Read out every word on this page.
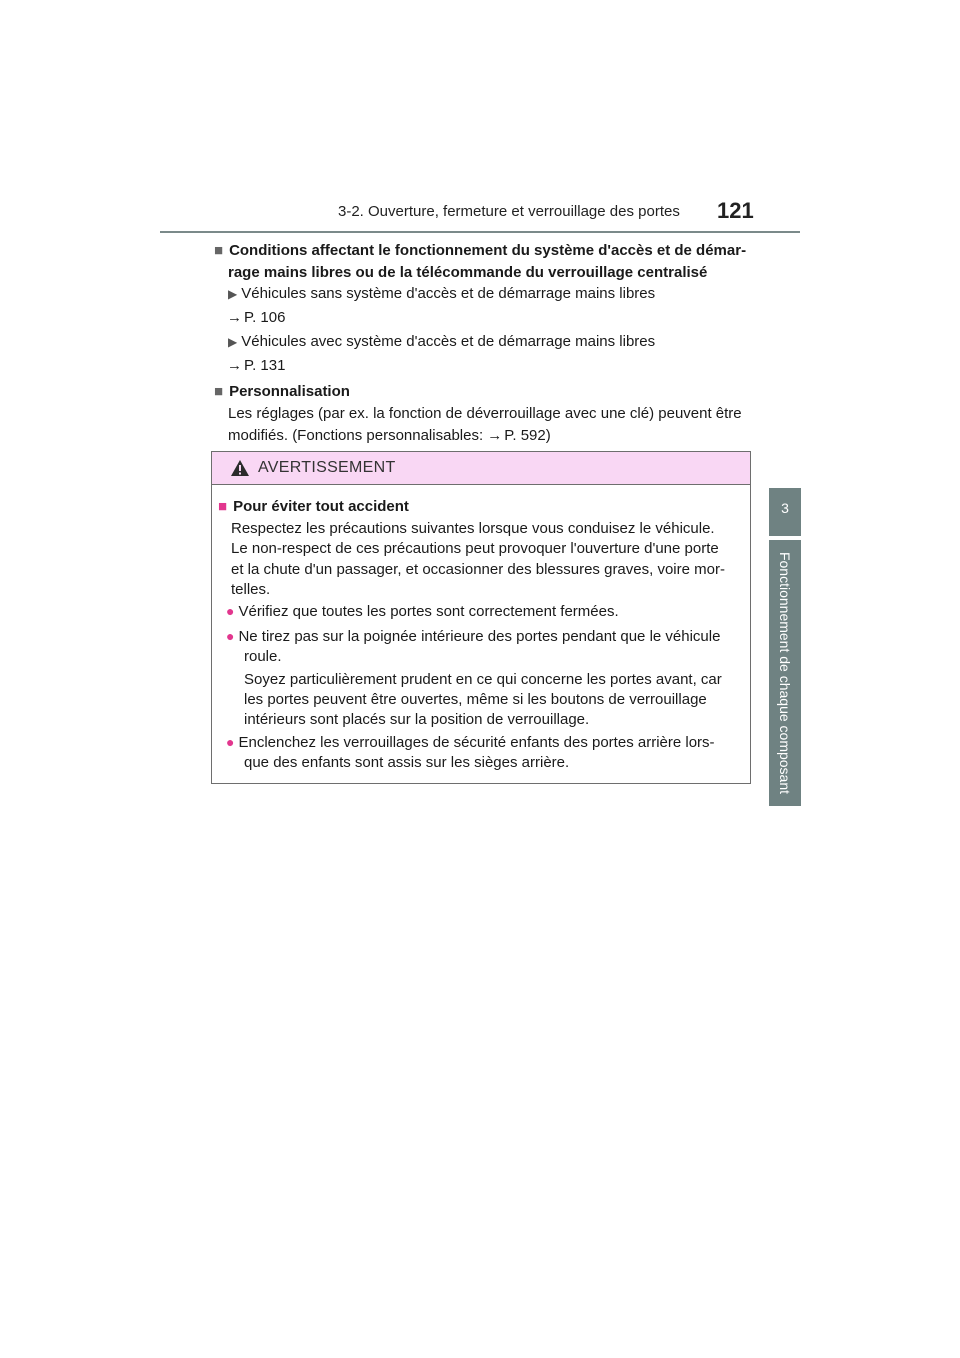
3-2. Ouverture, fermeture et verrouillage des portes 121
3
Fonctionnement de chaque composant
■ Conditions affectant le fonctionnement du système d'accès et de démar-
rage mains libres ou de la télécommande du verrouillage centralisé
▶ Véhicules sans système d'accès et de démarrage mains libres
→ P. 106
▶ Véhicules avec système d'accès et de démarrage mains libres
→ P. 131
■ Personnalisation
Les réglages (par ex. la fonction de déverrouillage avec une clé) peuvent être
modifiés. (Fonctions personnalisables: → P. 592)
AVERTISSEMENT
■ Pour éviter tout accident
Respectez les précautions suivantes lorsque vous conduisez le véhicule.
Le non-respect de ces précautions peut provoquer l'ouverture d'une porte
et la chute d'un passager, et occasionner des blessures graves, voire mor-
telles.
● Vérifiez que toutes les portes sont correctement fermées.
● Ne tirez pas sur la poignée intérieure des portes pendant que le véhicule
roule.
Soyez particulièrement prudent en ce qui concerne les portes avant, car
les portes peuvent être ouvertes, même si les boutons de verrouillage
intérieurs sont placés sur la position de verrouillage.
● Enclenchez les verrouillages de sécurité enfants des portes arrière lors-
que des enfants sont assis sur les sièges arrière.
